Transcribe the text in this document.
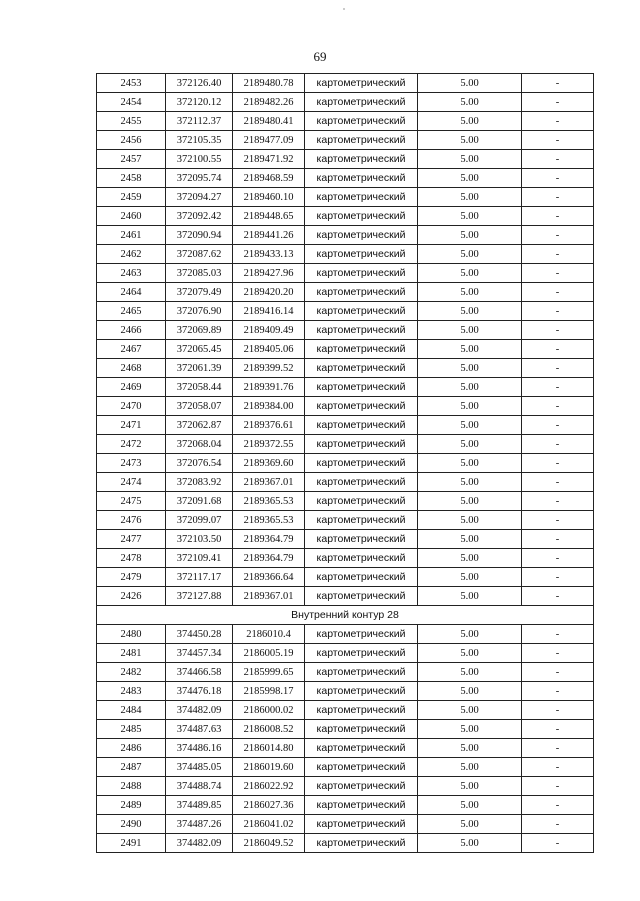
69
2453	372126.40	2189480.78	картометрический	5.00	-
2454	372120.12	2189482.26	картометрический	5.00	-
2455	372112.37	2189480.41	картометрический	5.00	-
2456	372105.35	2189477.09	картометрический	5.00	-
2457	372100.55	2189471.92	картометрический	5.00	-
2458	372095.74	2189468.59	картометрический	5.00	-
2459	372094.27	2189460.10	картометрический	5.00	-
2460	372092.42	2189448.65	картометрический	5.00	-
2461	372090.94	2189441.26	картометрический	5.00	-
2462	372087.62	2189433.13	картометрический	5.00	-
2463	372085.03	2189427.96	картометрический	5.00	-
2464	372079.49	2189420.20	картометрический	5.00	-
2465	372076.90	2189416.14	картометрический	5.00	-
2466	372069.89	2189409.49	картометрический	5.00	-
2467	372065.45	2189405.06	картометрический	5.00	-
2468	372061.39	2189399.52	картометрический	5.00	-
2469	372058.44	2189391.76	картометрический	5.00	-
2470	372058.07	2189384.00	картометрический	5.00	-
2471	372062.87	2189376.61	картометрический	5.00	-
2472	372068.04	2189372.55	картометрический	5.00	-
2473	372076.54	2189369.60	картометрический	5.00	-
2474	372083.92	2189367.01	картометрический	5.00	-
2475	372091.68	2189365.53	картометрический	5.00	-
2476	372099.07	2189365.53	картометрический	5.00	-
2477	372103.50	2189364.79	картометрический	5.00	-
2478	372109.41	2189364.79	картометрический	5.00	-
2479	372117.17	2189366.64	картометрический	5.00	-
2426	372127.88	2189367.01	картометрический	5.00	-
Внутренний контур 28					
2480	374450.28	2186010.4	картометрический	5.00	-
2481	374457.34	2186005.19	картометрический	5.00	-
2482	374466.58	2185999.65	картометрический	5.00	-
2483	374476.18	2185998.17	картометрический	5.00	-
2484	374482.09	2186000.02	картометрический	5.00	-
2485	374487.63	2186008.52	картометрический	5.00	-
2486	374486.16	2186014.80	картометрический	5.00	-
2487	374485.05	2186019.60	картометрический	5.00	-
2488	374488.74	2186022.92	картометрический	5.00	-
2489	374489.85	2186027.36	картометрический	5.00	-
2490	374487.26	2186041.02	картометрический	5.00	-
2491	374482.09	2186049.52	картометрический	5.00	-
